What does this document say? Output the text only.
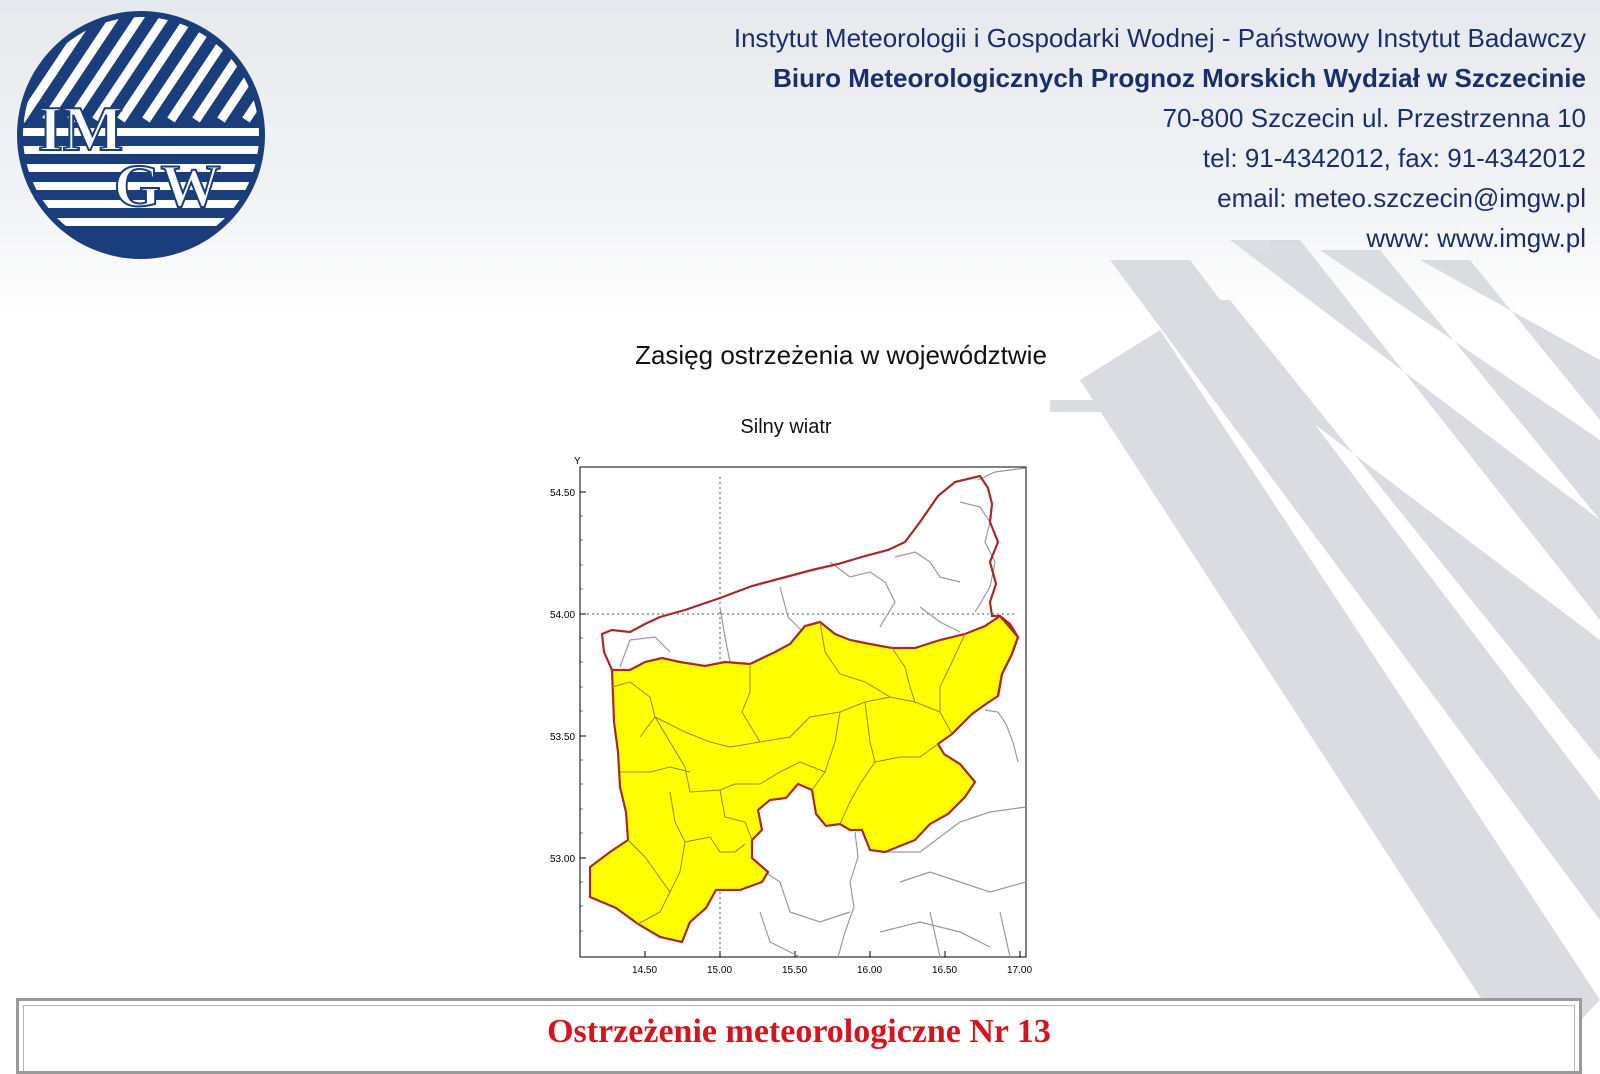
IM
GW
Instytut Meteorologii i Gospodarki Wodnej - Państwowy Instytut Badawczy
Biuro Meteorologicznych Prognoz Morskich Wydział w Szczecinie
70-800 Szczecin ul. Przestrzenna 10
tel: 91-4342012, fax: 91-4342012
email: meteo.szczecin@imgw.pl
www: www.imgw.pl
Zasięg ostrzeżenia w województwie
Y
54.50
54.00
53.50
53.00
14.50	15.00	15.50	16.00	16.50	17.00
Silny wiatr
Ostrzeżenie meteorologiczne Nr 13
